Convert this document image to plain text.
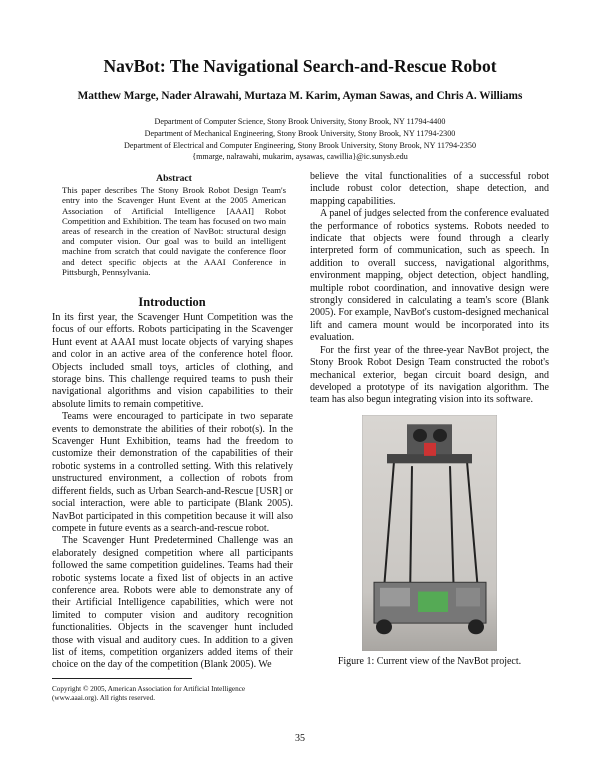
NavBot: The Navigational Search-and-Rescue Robot
Matthew Marge, Nader Alrawahi, Murtaza M. Karim, Ayman Sawas, and Chris A. Williams
Department of Computer Science, Stony Brook University, Stony Brook, NY 11794-4400
Department of Mechanical Engineering, Stony Brook University, Stony Brook, NY 11794-2300
Department of Electrical and Computer Engineering, Stony Brook University, Stony Brook, NY 11794-2350
{mmarge, nalrawahi, mukarim, aysawas, cawillia}@ic.sunysb.edu
Abstract
This paper describes The Stony Brook Robot Design Team's entry into the Scavenger Hunt Event at the 2005 American Association of Artificial Intelligence [AAAI] Robot Competition and Exhibition. The team has focused on two main areas of research in the creation of NavBot: structural design and computer vision. Our goal was to build an intelligent machine from scratch that could navigate the conference floor and detect specific objects at the AAAI Conference in Pittsburgh, Pennsylvania.
Introduction

In its first year, the Scavenger Hunt Competition was the focus of our efforts. Robots participating in the Scavenger Hunt event at AAAI must locate objects of varying shapes and color in an active area of the conference hotel floor. Objects included small toys, articles of clothing, and storage bins. This challenge required teams to push their navigational algorithms and vision capabilities to their absolute limits to remain competitive.

Teams were encouraged to participate in two separate events to demonstrate the abilities of their robot(s). In the Scavenger Hunt Exhibition, teams had the freedom to customize their demonstration of the capabilities of their robotic systems in a controlled setting. With this relatively unstructured environment, a collection of robots from different fields, such as Urban Search-and-Rescue [USR] or social interaction, were able to participate (Blank 2005). NavBot participated in this competition because it will also compete in future events as a search-and-rescue robot.

The Scavenger Hunt Predetermined Challenge was an elaborately designed competition where all participants followed the same competition guidelines. Teams had their robotic systems locate a fixed list of objects in an active conference area. Robots were able to demonstrate any of their Artificial Intelligence capabilities, which were not limited to computer vision and auditory recognition functionalities. Objects in the scavenger hunt included those with visual and auditory cues. In addition to a given list of items, competition organizers added items of their choice on the day of the competition (Blank 2005). We

Copyright © 2005, American Association for Artificial Intelligence
(www.aaai.org). All rights reserved.

believe the vital functionalities of a successful robot include robust color detection, shape detection, and mapping capabilities.

A panel of judges selected from the conference evaluated the performance of robotics systems. Robots needed to indicate that objects were found through a clearly interpreted form of communication, such as speech. In addition to overall success, navigational algorithms, environment mapping, object detection, object handling, multiple robot coordination, and innovative design were strongly considered in calculating a team's score (Blank 2005). For example, NavBot's custom-designed mechanical lift and camera mount would be incorporated into its evaluation.

For the first year of the three-year NavBot project, the Stony Brook Robot Design Team constructed the robot's mechanical exterior, began circuit board design, and developed a prototype of its navigation algorithm. The team has also begun integrating vision into its software.

Figure 1: Current view of the NavBot project.
35
